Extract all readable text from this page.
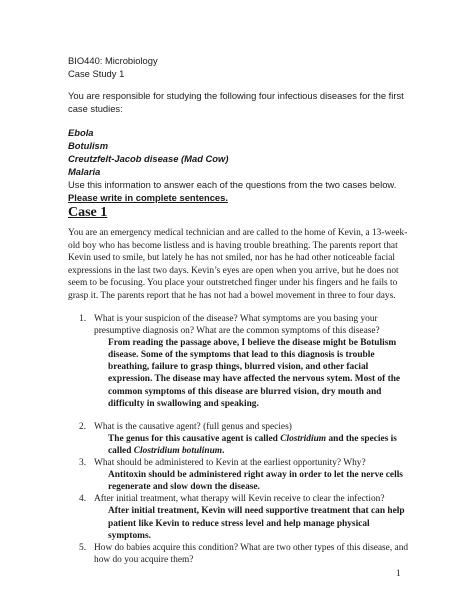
BIO440: Microbiology
Case Study 1
You are responsible for studying the following four infectious diseases for the first case studies:
Ebola
Botulism
Creutzfelt-Jacob disease (Mad Cow)
Malaria
Use this information to answer each of the questions from the two cases below.
Please write in complete sentences.
Case 1
You are an emergency medical technician and are called to the home of Kevin, a 13-week-old boy who has become listless and is having trouble breathing. The parents report that Kevin used to smile, but lately he has not smiled, nor has he had other noticeable facial expressions in the last two days. Kevin’s eyes are open when you arrive, but he does not seem to be focusing. You place your outstretched finger under his fingers and he fails to grasp it. The parents report that he has not had a bowel movement in three to four days.
1. What is your suspicion of the disease? What symptoms are you basing your presumptive diagnosis on? What are the common symptoms of this disease?
From reading the passage above, I believe the disease might be Botulism disease. Some of the symptoms that lead to this diagnosis is trouble breathing, failure to grasp things, blurred vision, and other facial expression. The disease may have affected the nervous sytem. Most of the common symptoms of this disease are blurred vision, dry mouth and difficulty in swallowing and speaking.
2. What is the causative agent? (full genus and species)
The genus for this causative agent is called Clostridium and the species is called Clostridium botulinum.
3. What should be administered to Kevin at the earliest opportunity? Why?
Antitoxin should be administered right away in order to let the nerve cells regenerate and slow down the disease.
4. After initial treatment, what therapy will Kevin receive to clear the infection?
After initial treatment, Kevin will need supportive treatment that can help patient like Kevin to reduce stress level and help manage physical symptoms.
5. How do babies acquire this condition? What are two other types of this disease, and how do you acquire them?
1
